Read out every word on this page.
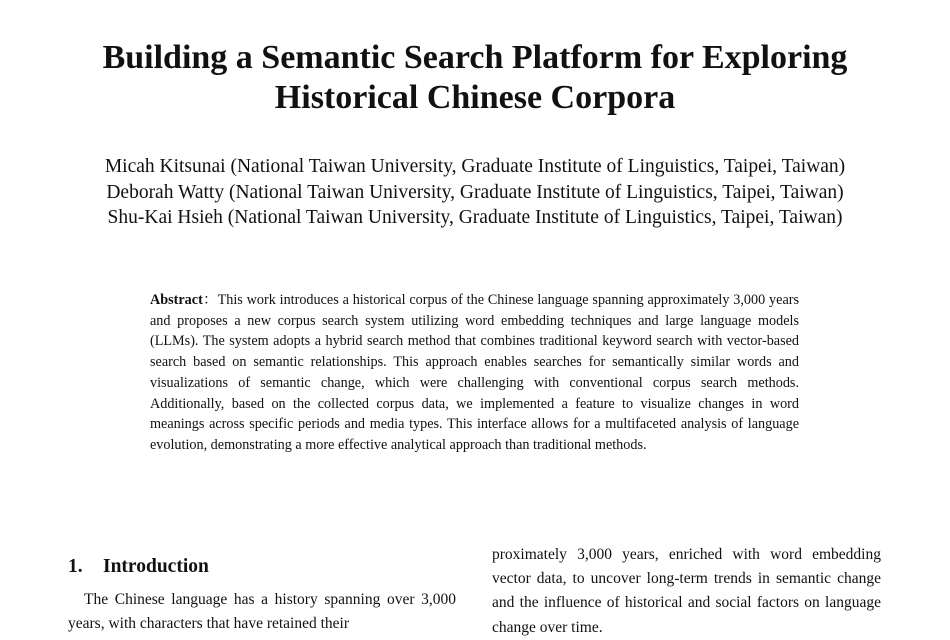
Building a Semantic Search Platform for Exploring Historical Chinese Corpora
Micah Kitsunai (National Taiwan University, Graduate Institute of Linguistics, Taipei, Taiwan)
Deborah Watty (National Taiwan University, Graduate Institute of Linguistics, Taipei, Taiwan)
Shu-Kai Hsieh (National Taiwan University, Graduate Institute of Linguistics, Taipei, Taiwan)
Abstract：This work introduces a historical corpus of the Chinese language spanning approximately 3,000 years and proposes a new corpus search system utilizing word embedding techniques and large language models (LLMs). The system adopts a hybrid search method that combines traditional keyword search with vector-based search based on semantic relationships. This approach enables searches for semantically similar words and visualizations of semantic change, which were challenging with conventional corpus search methods. Additionally, based on the collected corpus data, we implemented a feature to visualize changes in word meanings across specific periods and media types. This interface allows for a multifaceted analysis of language evolution, demonstrating a more effective analytical approach than traditional methods.
1. Introduction
The Chinese language has a history spanning over 3,000 years, with characters that have retained their
proximately 3,000 years, enriched with word embedding vector data, to uncover long-term trends in semantic change and the influence of historical and social factors on language change over time.
